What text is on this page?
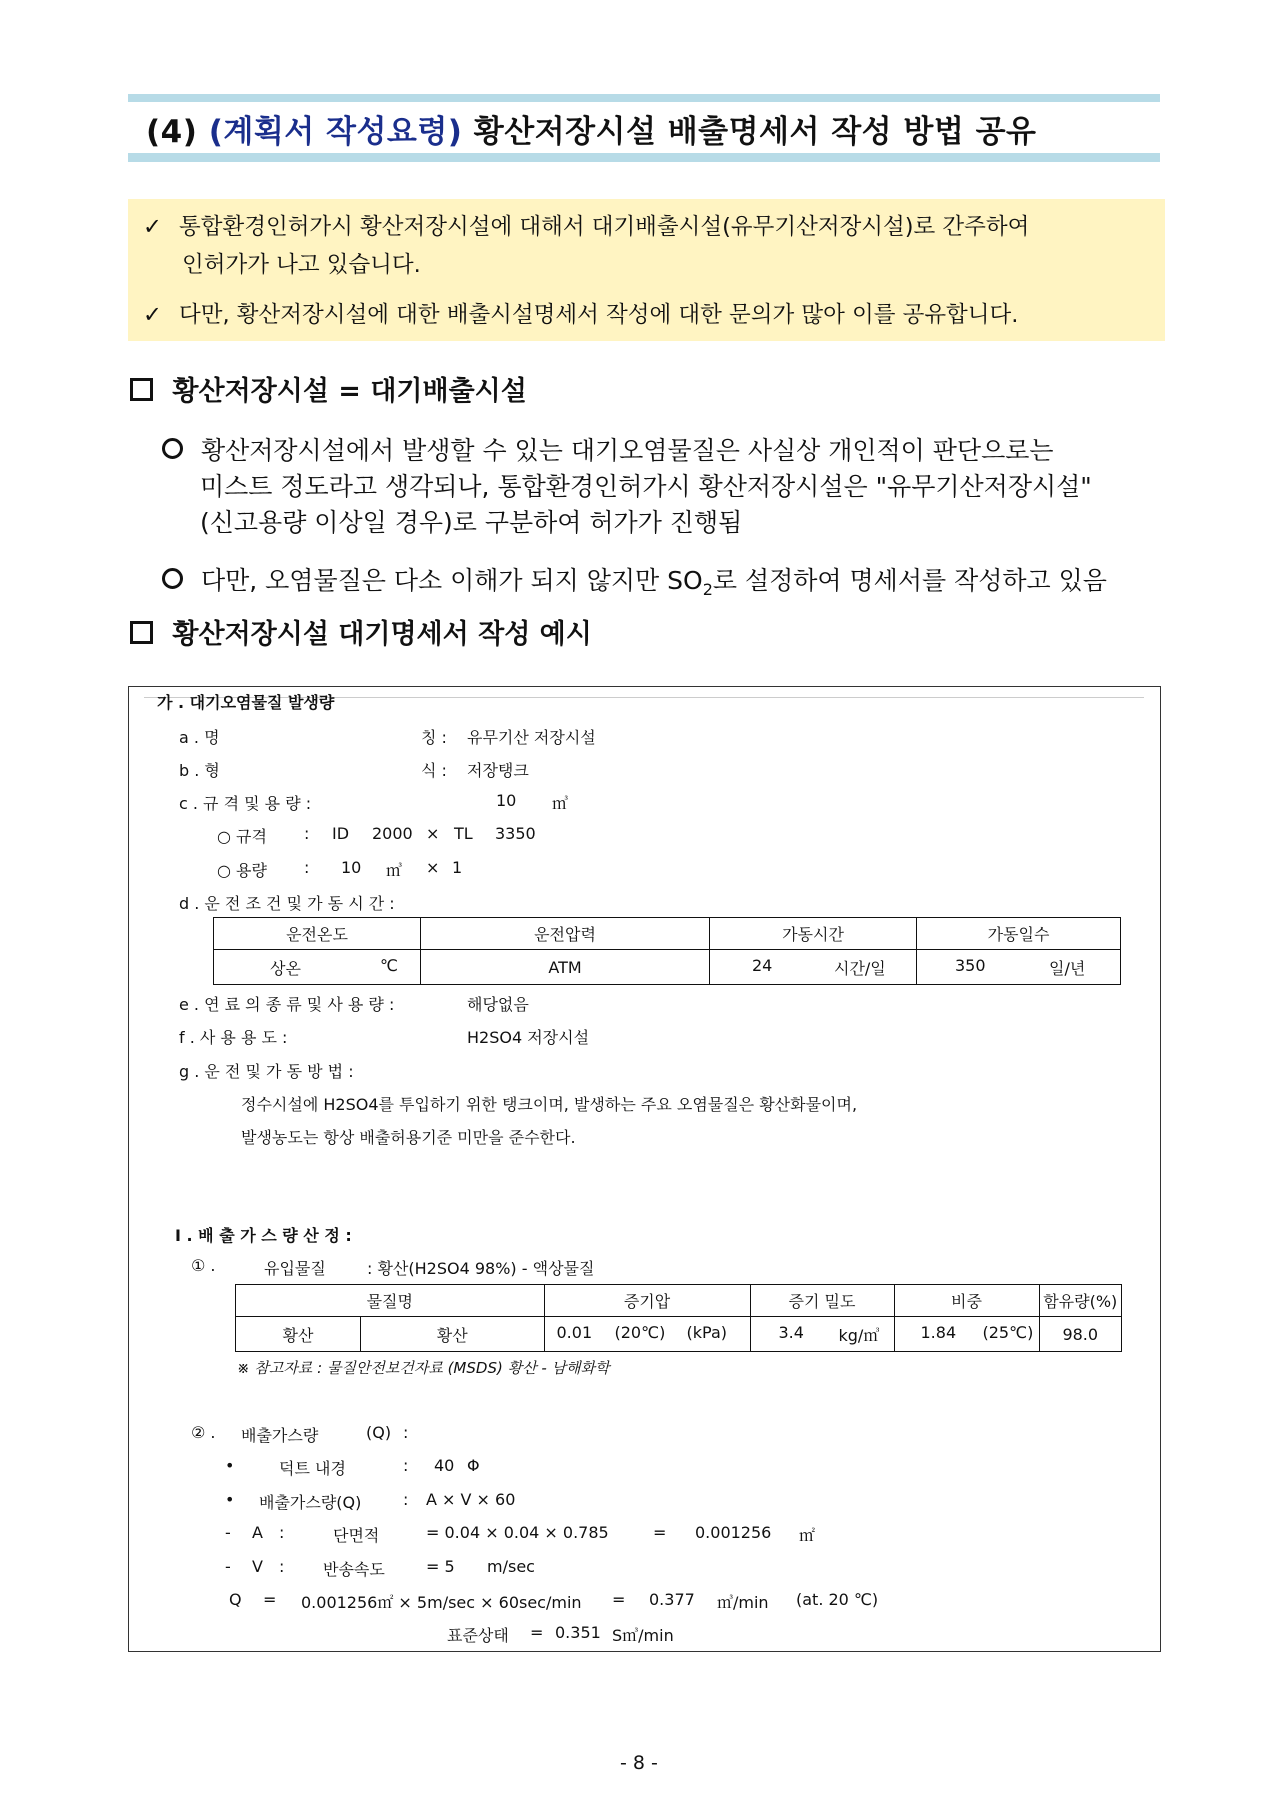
(4) (계획서 작성요령) 황산저장시설 배출명세서 작성 방법 공유
✓ 통합환경인허가시 황산저장시설에 대해서 대기배출시설(유무기산저장시설)로 간주하여
인허가가 나고 있습니다.
✓ 다만, 황산저장시설에 대한 배출시설명세서 작성에 대한 문의가 많아 이를 공유합니다.
황산저장시설 = 대기배출시설
황산저장시설에서 발생할 수 있는 대기오염물질은 사실상 개인적이 판단으로는
미스트 정도라고 생각되나, 통합환경인허가시 황산저장시설은 "유무기산저장시설"
(신고용량 이상일 경우)로 구분하여 허가가 진행됨
다만, 오염물질은 다소 이해가 되지 않지만 $SO_2$로 설정하여 명세서를 작성하고 있음
황산저장시설 대기명세서 작성 예시
가 . 대기오염물질 발생량
a . 명	칭 : 유무기산 저장시설
b . 형	식 : 저장탱크
c . 규 격 및 용 량 :	10 ㎥
○ 규격 : ID 2000 × TL 3350
○ 용량 : 10 ㎥ × 1
d . 운 전 조 건 및 가 동 시 간 :
운전온도	운전압력	가동시간	가동일수

상온 ℃	ATM	24 시간/일	350 일/년
e . 연 료 의 종 류 및 사 용 량 :	해당없음
f . 사 용 용 도 :	H2SO4 저장시설
g . 운 전 및 가 동 방 법 :
정수시설에 H2SO4를 투입하기 위한 탱크이며, 발생하는 주요 오염물질은 황산화물이며,
발생농도는 항상 배출허용기준 미만을 준수한다.
I . 배 출 가 스 량 산 정 :
① .	유입물질	: 황산(H2SO4 98%) - 액상물질
물질명		증기압	증기 밀도	비중	함유량(%)
황산	황산	0.01 (20℃) (kPa)	3.4 kg/㎥	1.84 (25℃)	98.0
※ 참고자료 : 물질안전보건자료 (MSDS) 황산 - 남해화학
② . 배출가스량	(Q) :
•	덕트 내경	: 40 Φ
• 배출가스량(Q)	: A × V × 60
- A :	단면적	= 0.04 × 0.04 × 0.785	= 0.001256 ㎡
- V : 반송속도	= 5 m/sec
Q = 0.001256㎡ × 5m/sec × 60sec/min = 0.377 ㎥/min (at. 20 ℃)
표준상태 = 0.351 S㎥/min
- 8 -
